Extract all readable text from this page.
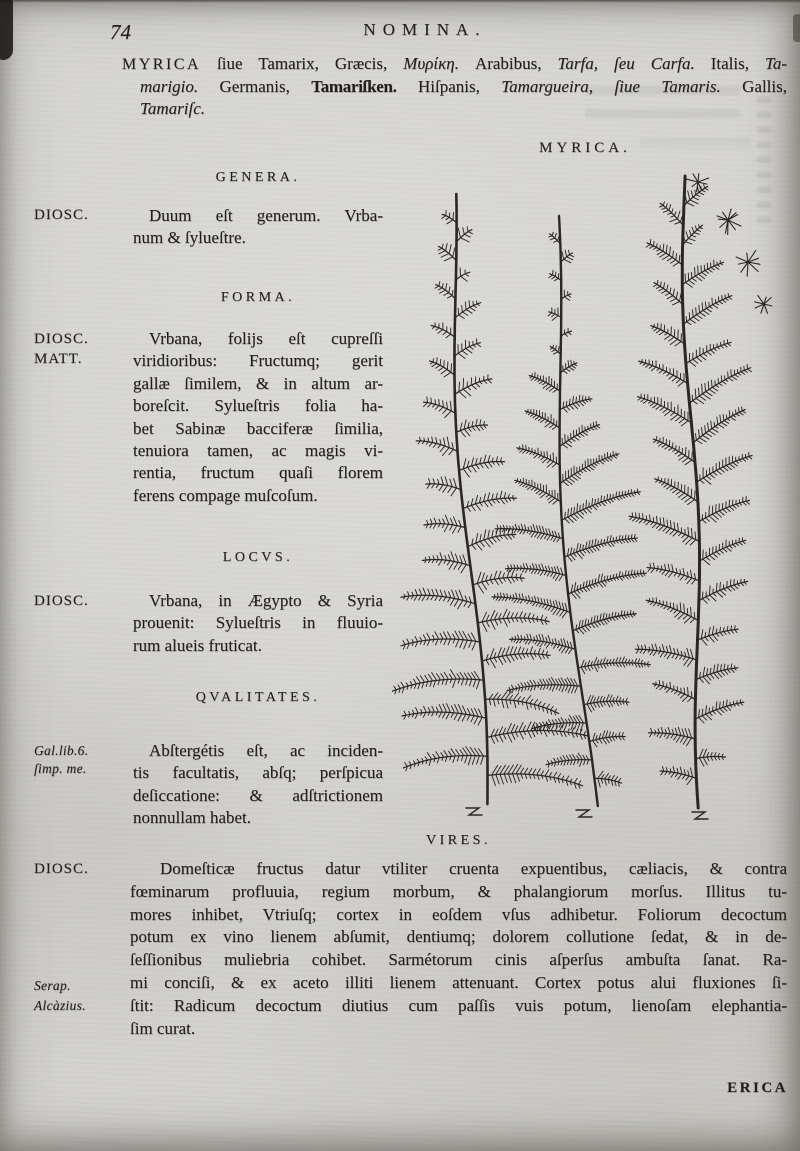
74	NOMINA.
MYRICA ſiue Tamarix, Græcis, Μυρίκη. Arabibus, Tarfa, ſeu Carfa. Italis, Ta-
marigio. Germanis, Tamariſken. Hiſpanis, Tamargueira, ſiue Tamaris. Gallis,
Tamariſc.
MYRICA.
GENERA.
DIOSC.	Duum eſt generum. Vrba-
num & ſylueſtre.
FORMA.
DIOSC.
MATT.
Vrbana, folijs eſt cupreſſi
viridioribus: Fructumq; gerit
gallæ ſimilem, & in altum ar-
boreſcit. Sylueſtris folia ha-
bet Sabinæ bacciferæ ſimilia,
tenuiora tamen, ac magis vi-
rentia, fructum quaſi florem
ferens compage muſcoſum.
LOCVS.
DIOSC.	Vrbana, in Ægypto & Syria
prouenit: Sylueſtris in fluuio-
rum alueis fruticat.
QVALITATES.
Gal.lib.6.
ſimp. me.
Abſtergétis eſt, ac inciden-
tis facultatis, abſq; perſpicua
deſiccatione: & adſtrictionem
nonnullam habet.
VIRES.
DIOSC.
Serap.
Alcàzius.
Domeſticæ fructus datur vtiliter cruenta expuentibus, cæliacis, & contra
fœminarum profluuia, regium morbum, & phalangiorum morſus. Illitus tu-
mores inhibet, Vtriuſq; cortex in eoſdem vſus adhibetur. Foliorum decoctum
potum ex vino lienem abſumit, dentiumq; dolorem collutione ſedat, & in de-
ſeſſionibus muliebria cohibet. Sarmétorum cinis aſperſus ambuſta ſanat. Ra-
mi conciſi, & ex aceto illiti lienem attenuant. Cortex potus alui fluxiones ſi-
ſtit: Radicum decoctum diutius cum paſſis vuis potum, lienoſam elephantia-
ſim curat.
ERICA
